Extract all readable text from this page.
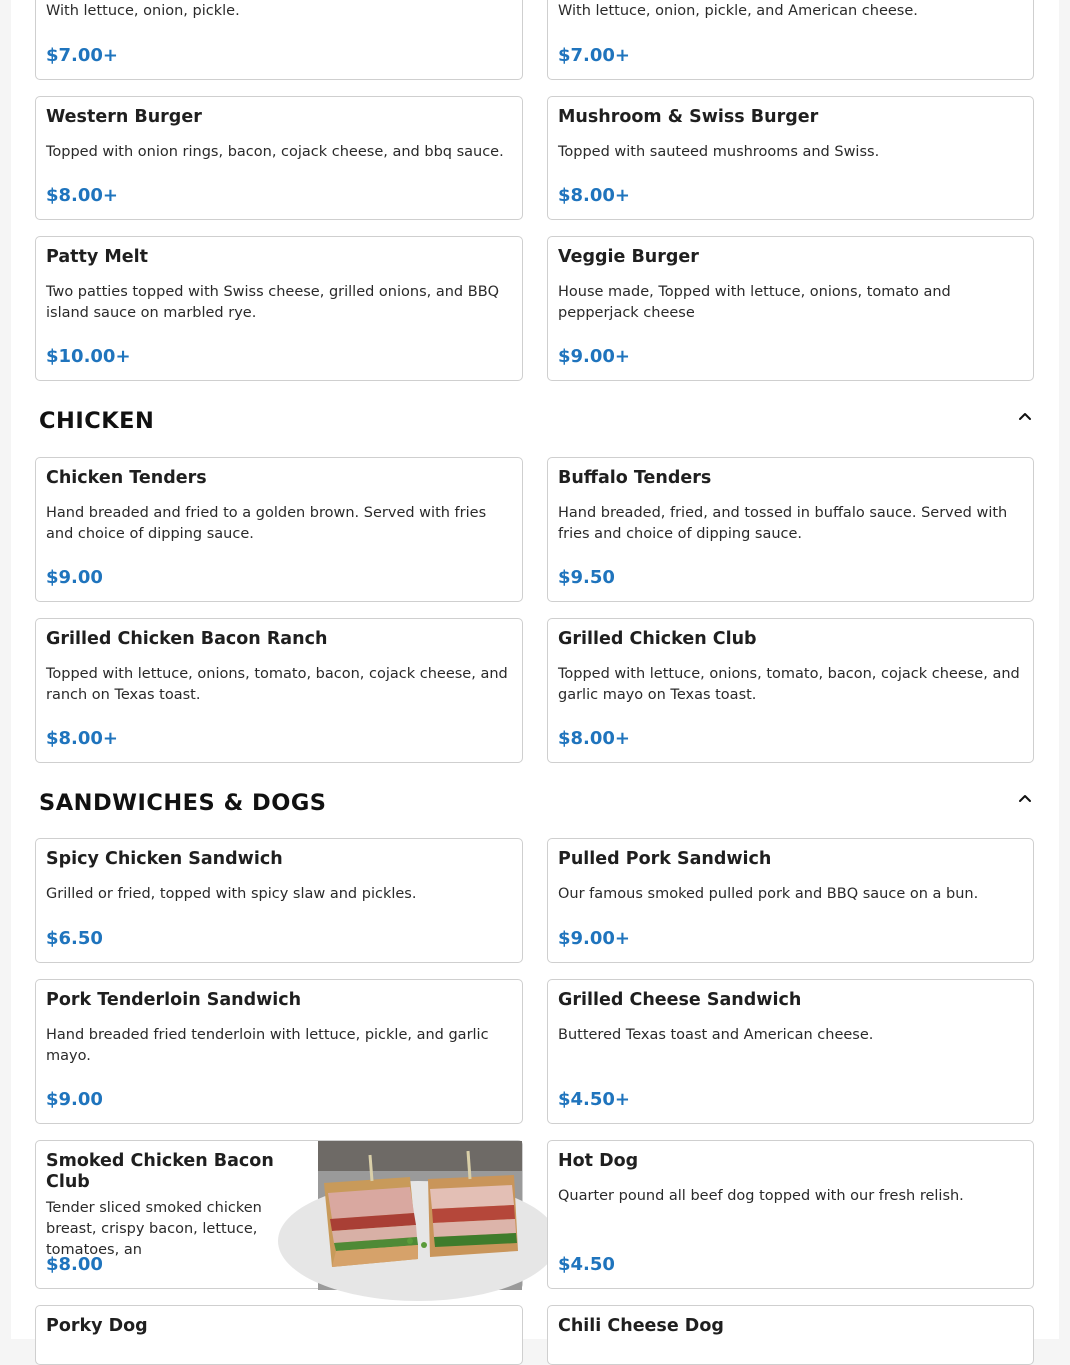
With lettuce, onion, pickle.
$7.00+
With lettuce, onion, pickle, and American cheese.
$7.00+
Western Burger
Topped with onion rings, bacon, cojack cheese, and bbq sauce.
$8.00+
Mushroom & Swiss Burger
Topped with sauteed mushrooms and Swiss.
$8.00+
Patty Melt
Two patties topped with Swiss cheese, grilled onions, and BBQ island sauce on marbled rye.
$10.00+
Veggie Burger
House made, Topped with lettuce, onions, tomato and pepperjack cheese
$9.00+
CHICKEN
Chicken Tenders
Hand breaded and fried to a golden brown. Served with fries and choice of dipping sauce.
$9.00
Buffalo Tenders
Hand breaded, fried, and tossed in buffalo sauce. Served with fries and choice of dipping sauce.
$9.50
Grilled Chicken Bacon Ranch
Topped with lettuce, onions, tomato, bacon, cojack cheese, and ranch on Texas toast.
$8.00+
Grilled Chicken Club
Topped with lettuce, onions, tomato, bacon, cojack cheese, and garlic mayo on Texas toast.
$8.00+
SANDWICHES & DOGS
Spicy Chicken Sandwich
Grilled or fried, topped with spicy slaw and pickles.
$6.50
Pulled Pork Sandwich
Our famous smoked pulled pork and BBQ sauce on a bun.
$9.00+
Pork Tenderloin Sandwich
Hand breaded fried tenderloin with lettuce, pickle, and garlic mayo.
$9.00
Grilled Cheese Sandwich
Buttered Texas toast and American cheese.
$4.50+
Smoked Chicken Bacon Club
Tender sliced smoked chicken breast, crispy bacon, lettuce, tomatoes, an
$8.00
Hot Dog
Quarter pound all beef dog topped with our fresh relish.
$4.50
Porky Dog	Chili Cheese Dog
